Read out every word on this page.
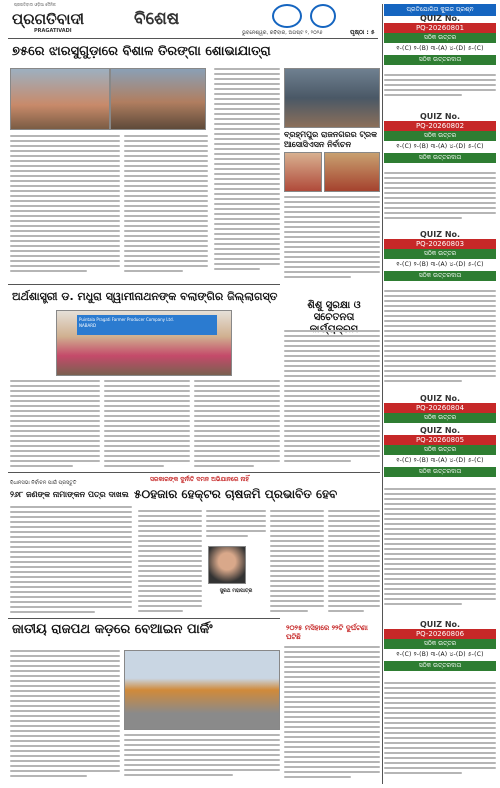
ପ୍ରଗତିବାଦୀ ଓଡ଼ିଆ ଦୈନିକ
ପ୍ରଗତିବାଦୀ
PRAGATIVADI
ବିଶେଷ
ଭୁବନେଶ୍ୱର, ରବିବାର, ଅଗଷ୍ଟ ୨, ୨୦୨୬	ପୃଷ୍ଠା : ୫
୭୫ରେ ଝାରସୁଗୁଡ଼ାରେ ବିଶାଳ ତିରଙ୍ଗା ଶୋଭାଯାତ୍ରା
ବ୍ରହ୍ମପୁର ରାଜନଗରର ଟ୍ରକ ଆସୋସିଏସନ ନିର୍ବାଚନ
ଅର୍ଥଶାସ୍ତ୍ରୀ ଡ. ମଧୁରା ସ୍ୱାମୀନାଥନଙ୍କ ବଲାଙ୍ଗିର ଜିଲ୍ଲାଗସ୍ତ
Puintala Pragati Farmer Producer Company Ltd.
NABARD
ଶିଶୁ ସୁରକ୍ଷା ଓ ସଚେତନତା
ସରକାରଙ୍କ ଦୁର୍ନୀତି ଦମନ ଅଭିଯାନରେ ନାହିଁ
୫୦ହଜାର ହେକ୍ଟର ଚାଷଜମି ପ୍ରଭାବିତ ହେବ
ବିଧାନସଭା ନିର୍ବାଚନ ପାଇଁ ପ୍ରସ୍ତୁତି
୨୬୮ ଜଣଙ୍କ ନାମାଙ୍କନ ପତ୍ର ଦାଖଲ
ସୁରଥ ମହାପାତ୍ର
ଜାତୀୟ ରାଜପଥ କଡ଼ରେ ବେଆଇନ ପାର୍କିଂ	୨୦୨୫ ମସିହାରେ ୨୨ଟି ଦୁର୍ଘଟଣା ଘଟିଛି
ପ୍ରତିଯୋଗିତା କୁଇଜ ପ୍ରଶ୍ନ
QUIZ No.
PQ-20260801
ସଠିକ ଉତ୍ତର
୧-(C) ୨-(B) ୩-(A) ୪-(D) ୫-(C)
ସଠିକ ଉତ୍ତରଦାତା
QUIZ No.
PQ-20260802
ସଠିକ ଉତ୍ତର
୧-(C) ୨-(B) ୩-(A) ୪-(D) ୫-(C)
ସଠିକ ଉତ୍ତରଦାତା
QUIZ No.
PQ-20260803
ସଠିକ ଉତ୍ତର
୧-(C) ୨-(B) ୩-(A) ୪-(D) ୫-(C)
ସଠିକ ଉତ୍ତରଦାତା
QUIZ No.
PQ-20260804
ସଠିକ ଉତ୍ତର
QUIZ No.
PQ-20260805
ସଠିକ ଉତ୍ତର
୧-(C) ୨-(B) ୩-(A) ୪-(D) ୫-(C)
ସଠିକ ଉତ୍ତରଦାତା
QUIZ No.
PQ-20260806
ସଠିକ ଉତ୍ତର
୧-(C) ୨-(B) ୩-(A) ୪-(D) ୫-(C)
ସଠିକ ଉତ୍ତରଦାତା
